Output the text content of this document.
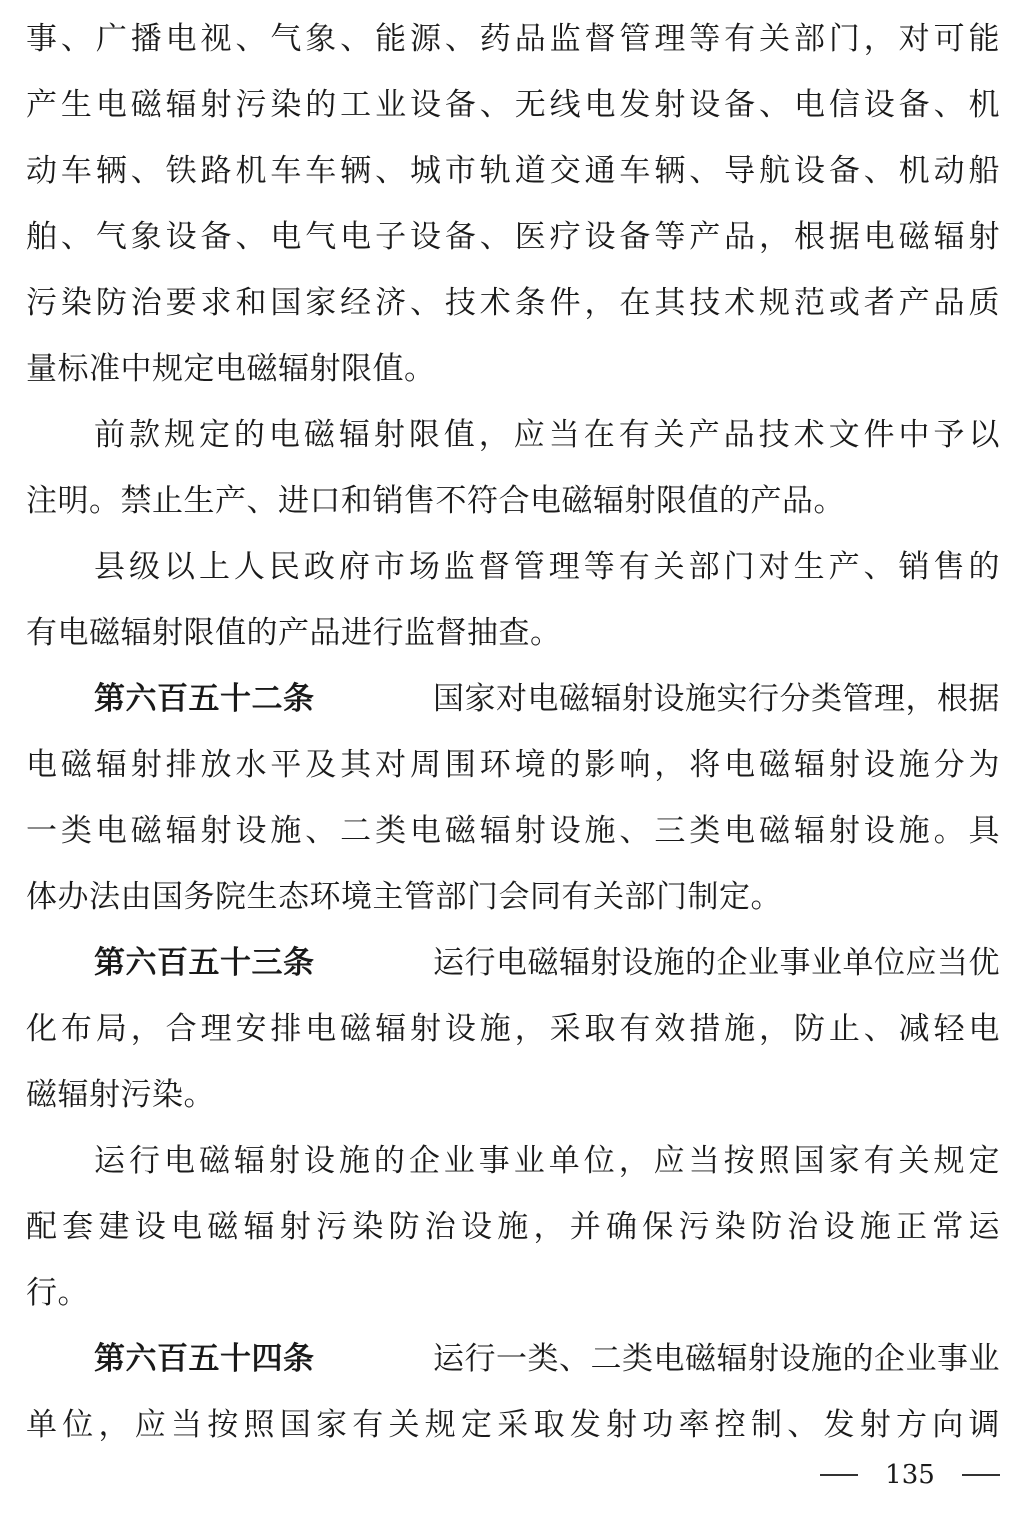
事、广播电视、气象、能源、药品监督管理等有关部门，对可能
产生电磁辐射污染的工业设备、无线电发射设备、电信设备、机
动车辆、铁路机车车辆、城市轨道交通车辆、导航设备、机动船
舶、气象设备、电气电子设备、医疗设备等产品，根据电磁辐射
污染防治要求和国家经济、技术条件，在其技术规范或者产品质
量标准中规定电磁辐射限值。
前款规定的电磁辐射限值，应当在有关产品技术文件中予以
注明。禁止生产、进口和销售不符合电磁辐射限值的产品。
县级以上人民政府市场监督管理等有关部门对生产、销售的
有电磁辐射限值的产品进行监督抽查。
第六百五十二条	国家对电磁辐射设施实行分类管理，根据
电磁辐射排放水平及其对周围环境的影响，将电磁辐射设施分为
一类电磁辐射设施、二类电磁辐射设施、三类电磁辐射设施。具
体办法由国务院生态环境主管部门会同有关部门制定。
第六百五十三条	运行电磁辐射设施的企业事业单位应当优
化布局，合理安排电磁辐射设施，采取有效措施，防止、减轻电
磁辐射污染。
运行电磁辐射设施的企业事业单位，应当按照国家有关规定
配套建设电磁辐射污染防治设施，并确保污染防治设施正常运
行。
第六百五十四条	运行一类、二类电磁辐射设施的企业事业
单位，应当按照国家有关规定采取发射功率控制、发射方向调
135
